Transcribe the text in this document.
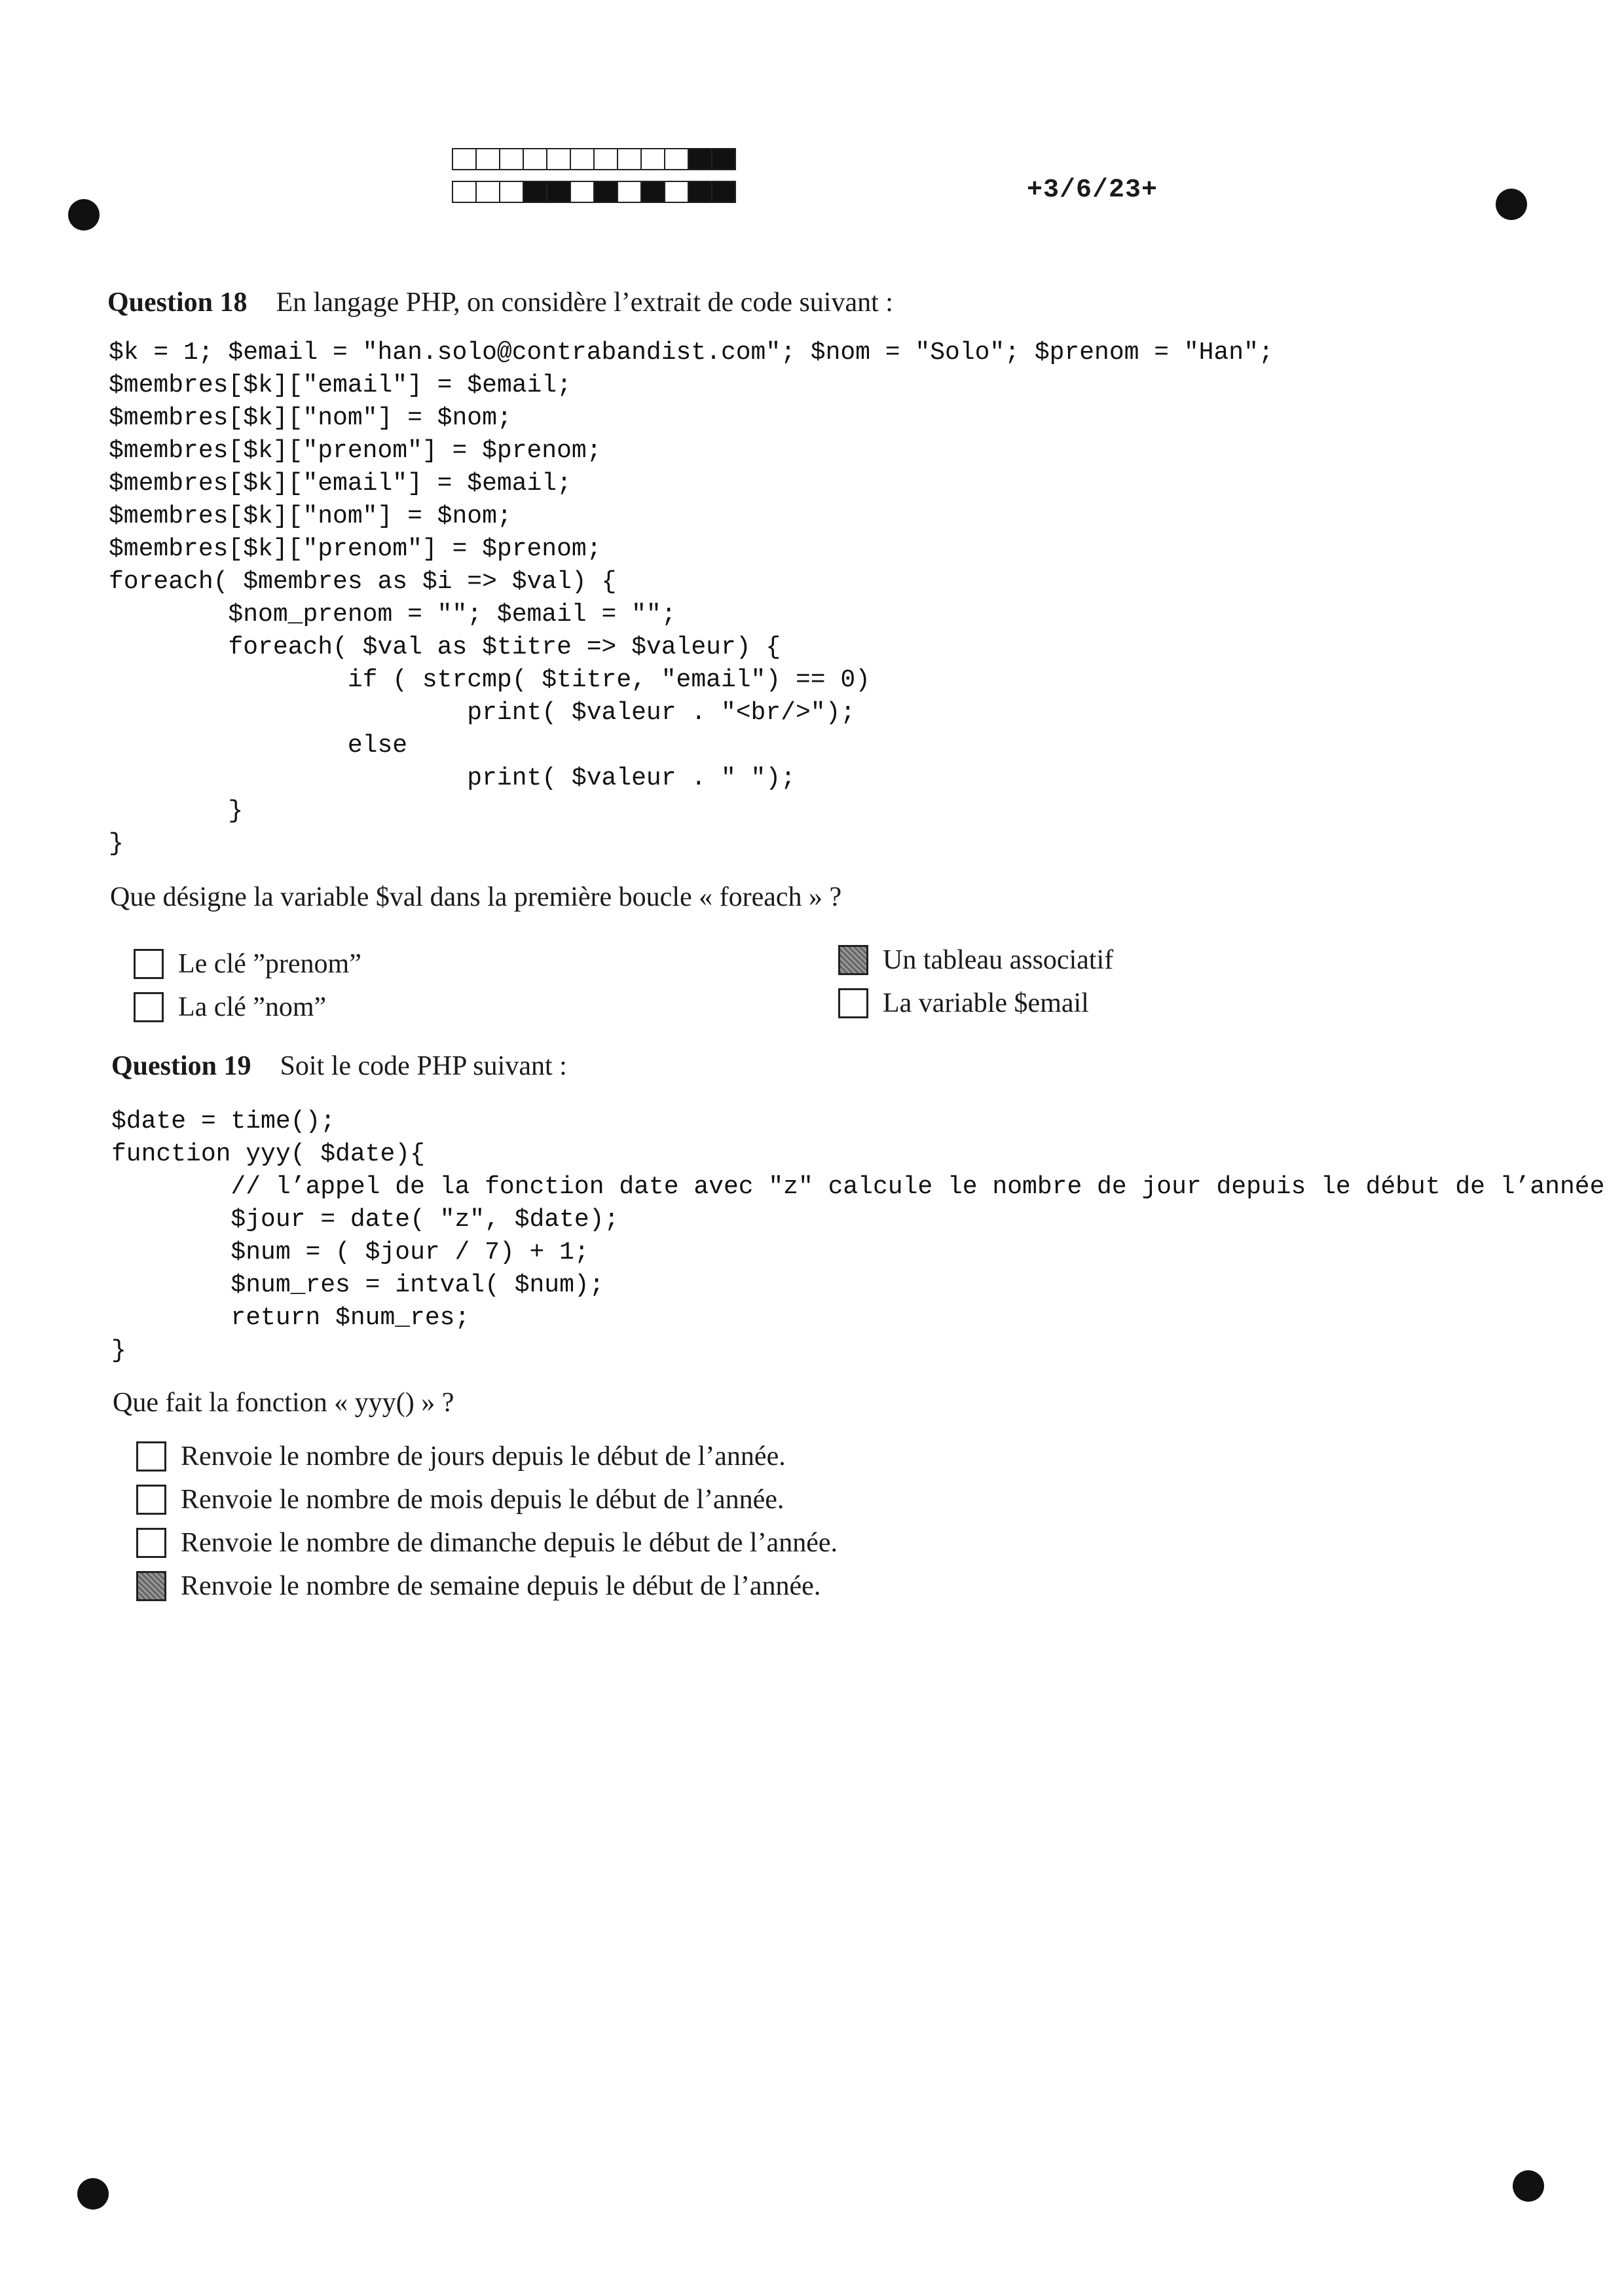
+3/6/23+
Question 18 En langage PHP, on considère l’extrait de code suivant :
$k = 1; $email = "han.solo@contrabandist.com"; $nom = "Solo"; $prenom = "Han";
$membres[$k]["email"] = $email;
$membres[$k]["nom"] = $nom;
$membres[$k]["prenom"] = $prenom;
$membres[$k]["email"] = $email;
$membres[$k]["nom"] = $nom;
$membres[$k]["prenom"] = $prenom;
foreach( $membres as $i => $val) {
$nom_prenom = ""; $email = "";
foreach( $val as $titre => $valeur) {
if ( strcmp( $titre, "email") == 0)
print( $valeur . "<br/>");
else
print( $valeur . " ");
}
}
Que désigne la variable $val dans la première boucle « foreach » ?
Le clé ”prenom”
La clé ”nom”
Un tableau associatif
La variable $email
Question 19 Soit le code PHP suivant :
$date = time();
function yyy( $date){
// l’appel de la fonction date avec "z" calcule le nombre de jour depuis le début de l’année
$jour = date( "z", $date);
$num = ( $jour / 7) + 1;
$num_res = intval( $num);
return $num_res;
}
Que fait la fonction « yyy() » ?
Renvoie le nombre de jours depuis le début de l’année.
Renvoie le nombre de mois depuis le début de l’année.
Renvoie le nombre de dimanche depuis le début de l’année.
Renvoie le nombre de semaine depuis le début de l’année.
